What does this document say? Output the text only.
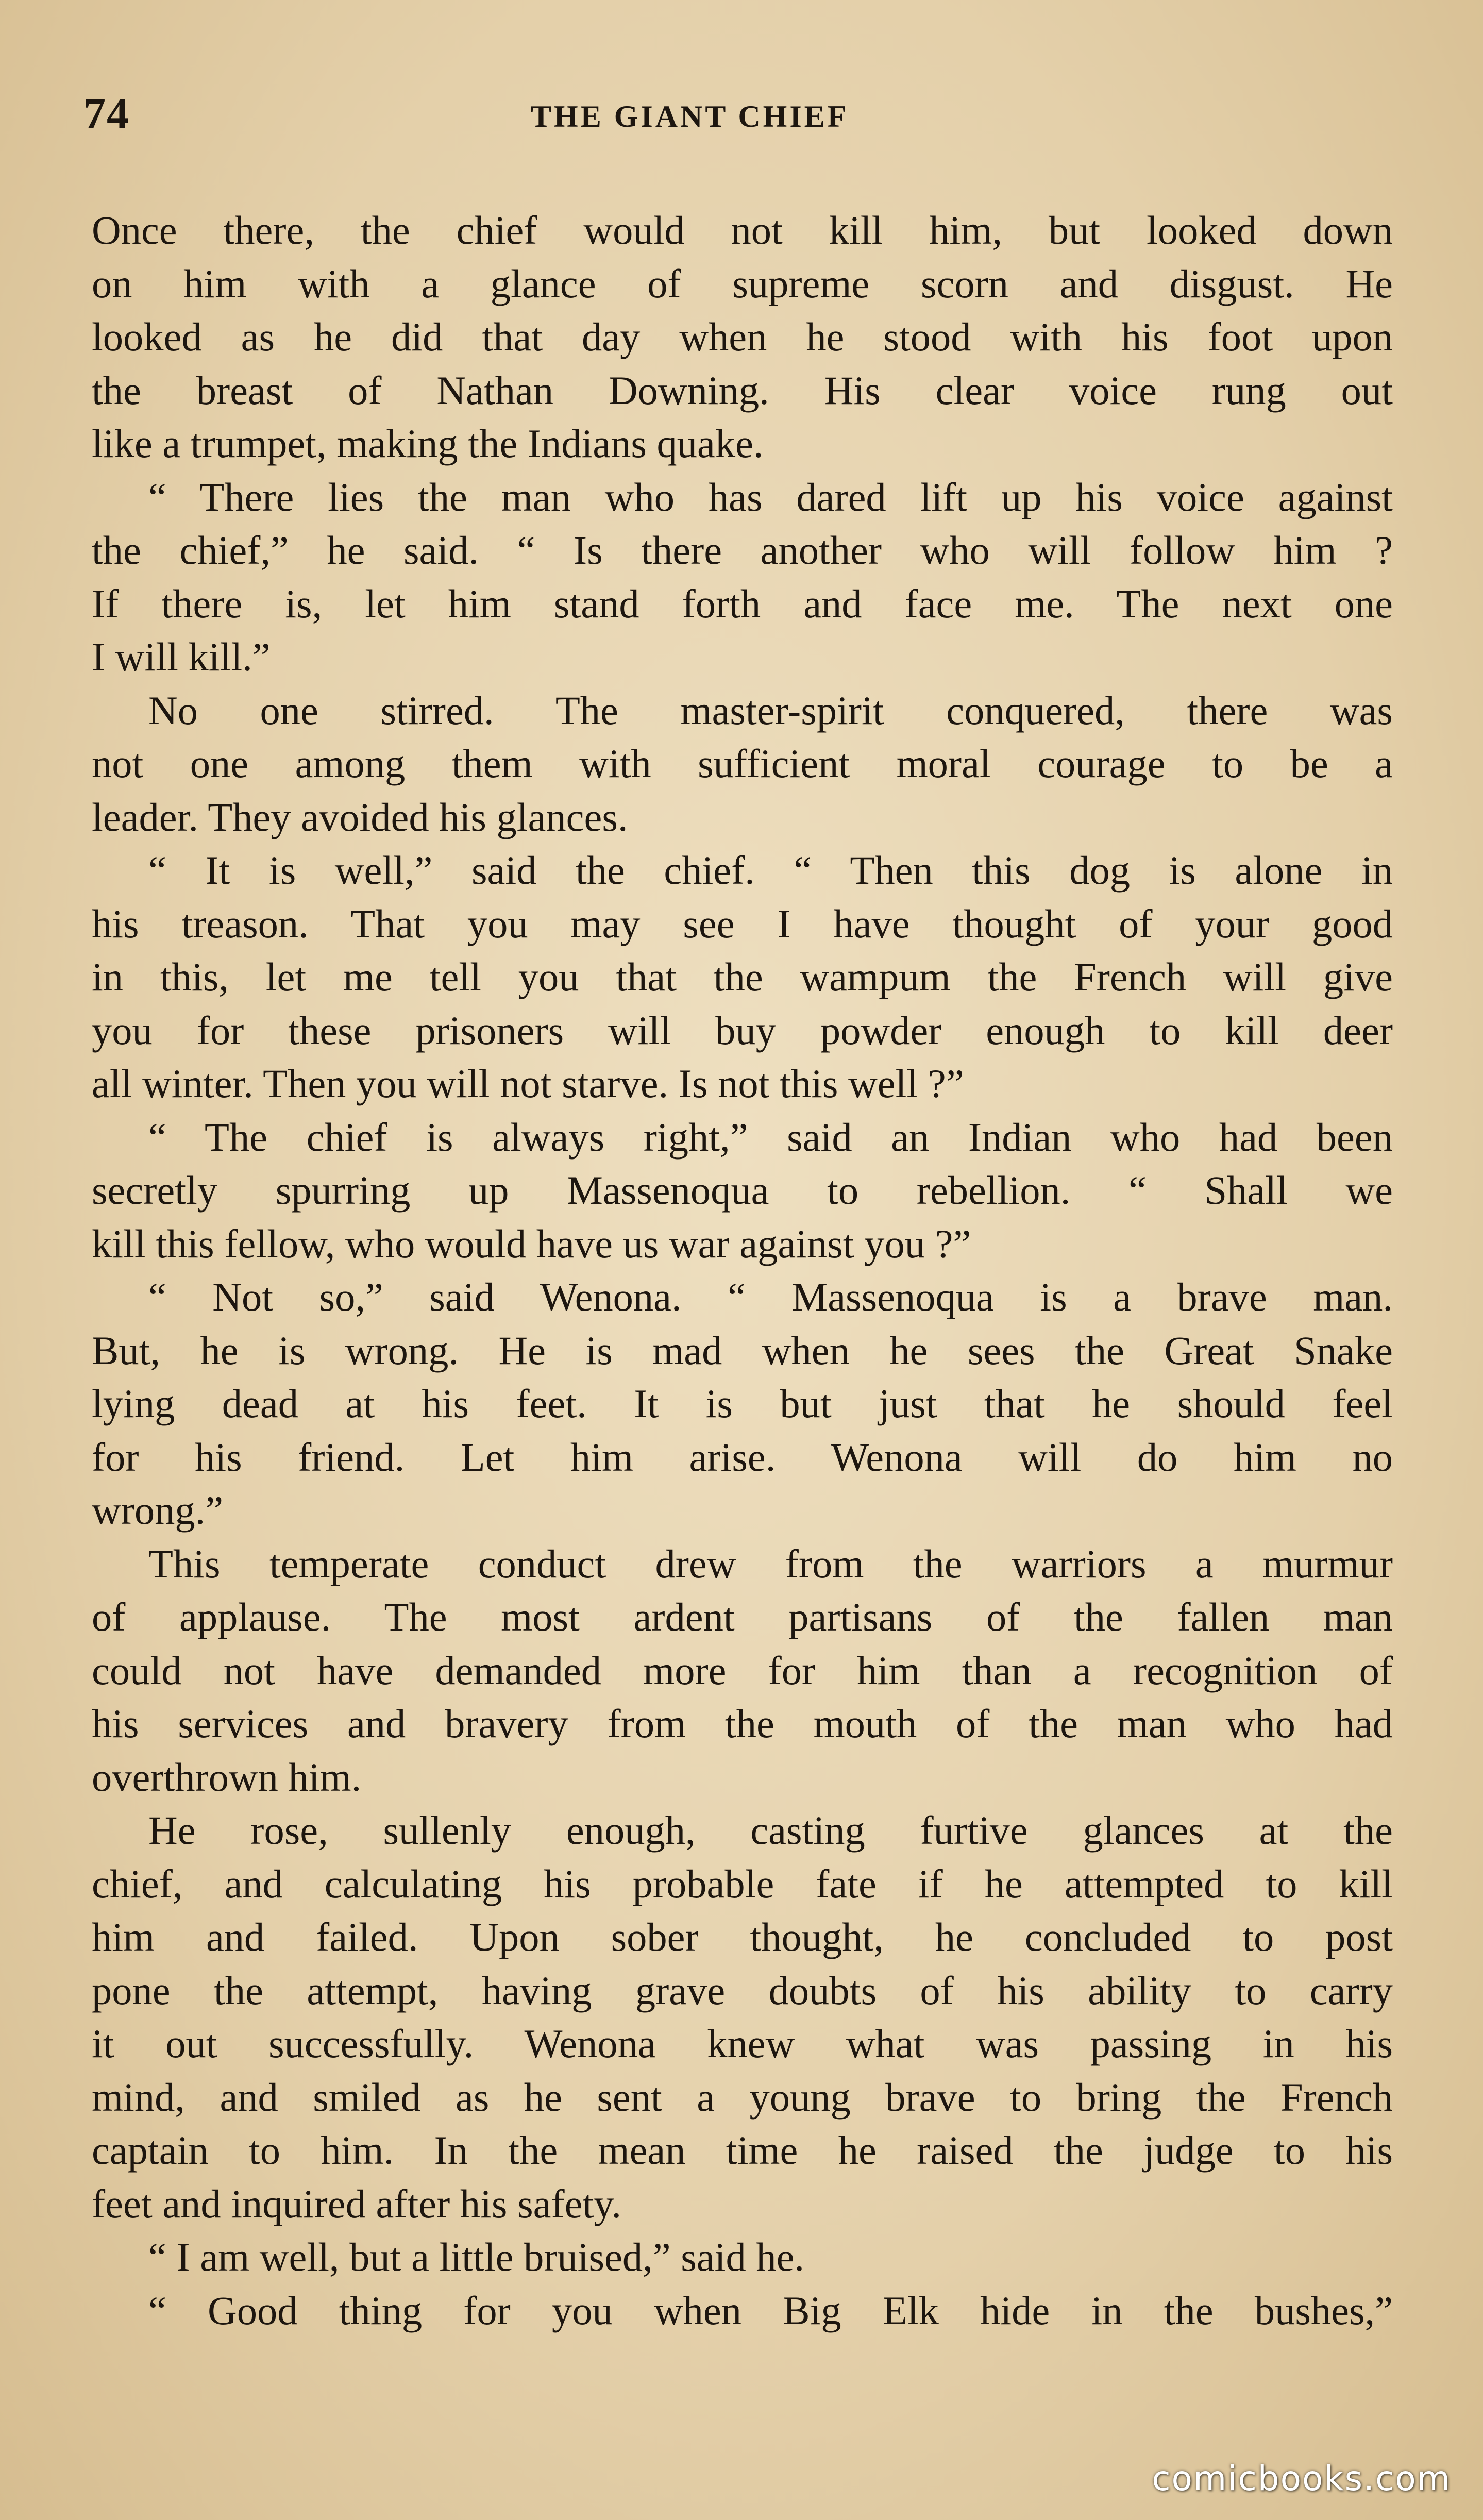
74	THE GIANT CHIEF
Once there, the chief would not kill him, but looked down
on him with a glance of supreme scorn and disgust. He
looked as he did that day when he stood with his foot upon
the breast of Nathan Downing. His clear voice rung out
like a trumpet, making the Indians quake.
“ There lies the man who has dared lift up his voice against
the chief,” he said. “ Is there another who will follow him ?
If there is, let him stand forth and face me. The next one
I will kill.”
No one stirred. The master-spirit conquered, there was
not one among them with sufficient moral courage to be a
leader. They avoided his glances.
“ It is well,” said the chief. “ Then this dog is alone in
his treason. That you may see I have thought of your good
in this, let me tell you that the wampum the French will give
you for these prisoners will buy powder enough to kill deer
all winter. Then you will not starve. Is not this well ?”
“ The chief is always right,” said an Indian who had been
secretly spurring up Massenoqua to rebellion. “ Shall we
kill this fellow, who would have us war against you ?”
“ Not so,” said Wenona. “ Massenoqua is a brave man.
But, he is wrong. He is mad when he sees the Great Snake
lying dead at his feet. It is but just that he should feel
for his friend. Let him arise. Wenona will do him no
wrong.”
This temperate conduct drew from the warriors a murmur
of applause. The most ardent partisans of the fallen man
could not have demanded more for him than a recognition of
his services and bravery from the mouth of the man who had
overthrown him.
He rose, sullenly enough, casting furtive glances at the
chief, and calculating his probable fate if he attempted to kill
him and failed. Upon sober thought, he concluded to post
pone the attempt, having grave doubts of his ability to carry
it out successfully. Wenona knew what was passing in his
mind, and smiled as he sent a young brave to bring the French
captain to him. In the mean time he raised the judge to his
feet and inquired after his safety.
“ I am well, but a little bruised,” said he.
“ Good thing for you when Big Elk hide in the bushes,”
comicbooks.com
